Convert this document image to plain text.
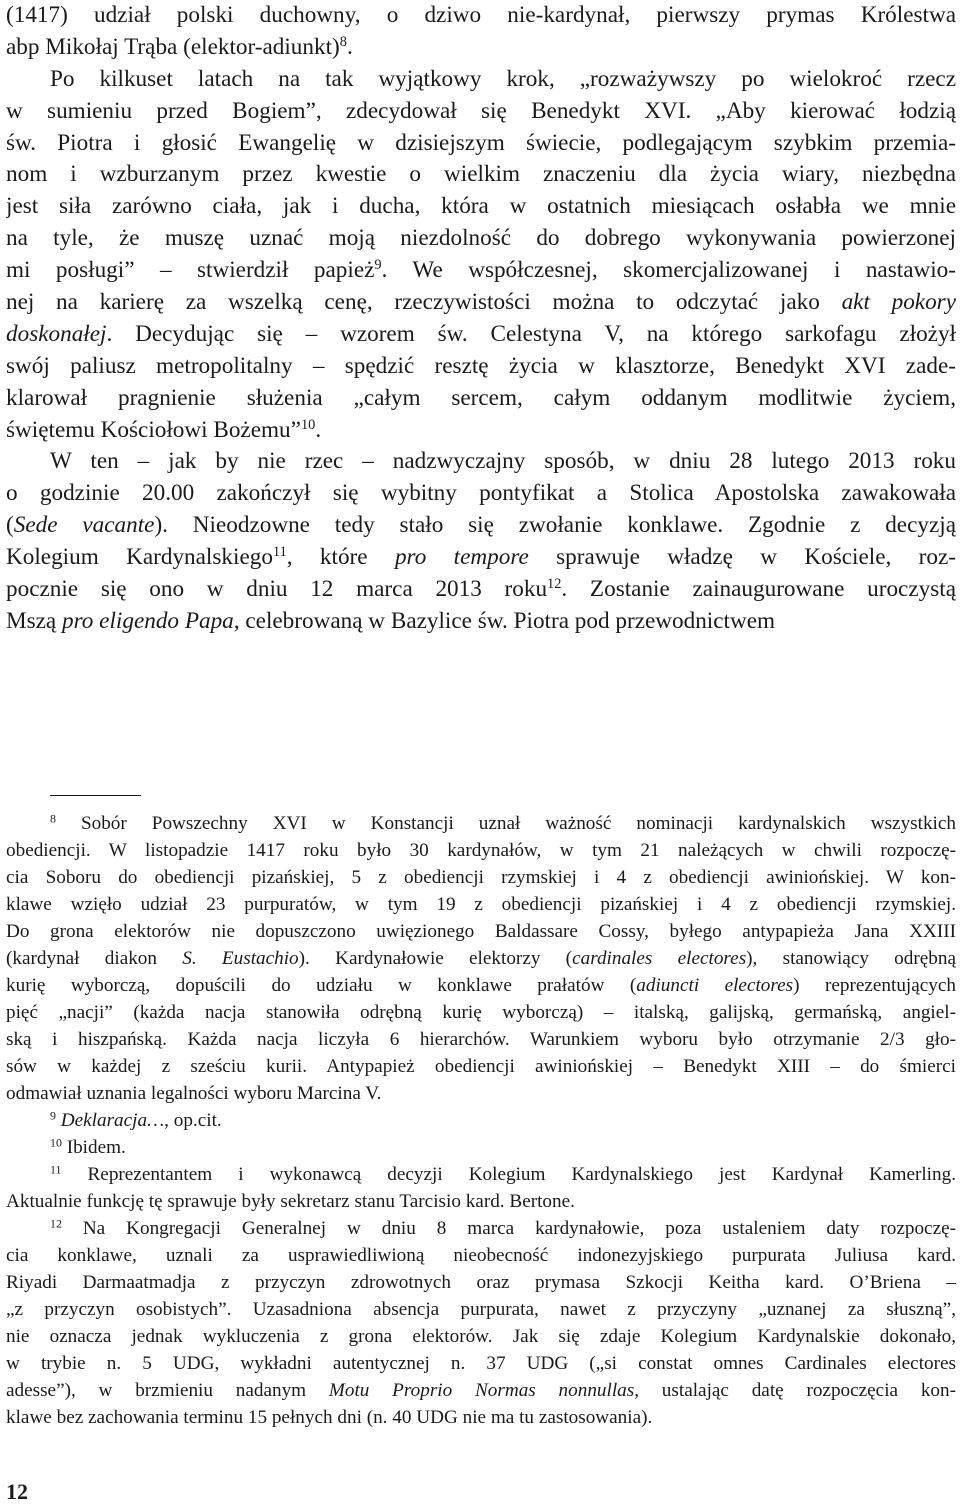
(1417) udział polski duchowny, o dziwo nie-kardynał, pierwszy prymas Królestwa
abp Mikołaj Trąba (elektor-adiunkt)$^8$.
Po kilkuset latach na tak wyjątkowy krok, „rozważywszy po wielokroć rzecz
w sumieniu przed Bogiem”, zdecydował się Benedykt XVI. „Aby kierować łodzią
św. Piotra i głosić Ewangelię w dzisiejszym świecie, podlegającym szybkim przemia-
nom i wzburzanym przez kwestie o wielkim znaczeniu dla życia wiary, niezbędna
jest siła zarówno ciała, jak i ducha, która w ostatnich miesiącach osłabła we mnie
na tyle, że muszę uznać moją niezdolność do dobrego wykonywania powierzonej
mi posługi” – stwierdził papież$^9$. We współczesnej, skomercjalizowanej i nastawio-
nej na karierę za wszelką cenę, rzeczywistości można to odczytać jako akt pokory
doskonałej. Decydując się – wzorem św. Celestyna V, na którego sarkofagu złożył
swój paliusz metropolitalny – spędzić resztę życia w klasztorze, Benedykt XVI zade-
klarował pragnienie służenia „całym sercem, całym oddanym modlitwie życiem,
świętemu Kościołowi Bożemu”$^{10}$.
W ten – jak by nie rzec – nadzwyczajny sposób, w dniu 28 lutego 2013 roku
o godzinie 20.00 zakończył się wybitny pontyfikat a Stolica Apostolska zawakowała
(Sede vacante). Nieodzowne tedy stało się zwołanie konklawe. Zgodnie z decyzją
Kolegium Kardynalskiego$^{11}$, które pro tempore sprawuje władzę w Kościele, roz-
pocznie się ono w dniu 12 marca 2013 roku$^{12}$. Zostanie zainaugurowane uroczystą
Mszą pro eligendo Papa, celebrowaną w Bazylice św. Piotra pod przewodnictwem
$^8$ Sobór Powszechny XVI w Konstancji uznał ważność nominacji kardynalskich wszystkich
obediencji. W listopadzie 1417 roku było 30 kardynałów, w tym 21 należących w chwili rozpoczę-
cia Soboru do obediencji pizańskiej, 5 z obediencji rzymskiej i 4 z obediencji awiniońskiej. W kon-
klawe wzięło udział 23 purpuratów, w tym 19 z obediencji pizańskiej i 4 z obediencji rzymskiej.
Do grona elektorów nie dopuszczono uwięzionego Baldassare Cossy, byłego antypapieża Jana XXIII
(kardynał diakon S. Eustachio). Kardynałowie elektorzy (cardinales electores), stanowiący odrębną
kurię wyborczą, dopuścili do udziału w konklawe prałatów (adiuncti electores) reprezentujących
pięć „nacji” (każda nacja stanowiła odrębną kurię wyborczą) – italską, galijską, germańską, angiel-
ską i hiszpańską. Każda nacja liczyła 6 hierarchów. Warunkiem wyboru było otrzymanie 2/3 gło-
sów w każdej z sześciu kurii. Antypapież obediencji awiniońskiej – Benedykt XIII – do śmierci
odmawiał uznania legalności wyboru Marcina V.
$^9$ Deklaracja…, op.cit.
$^{10}$ Ibidem.
$^{11}$ Reprezentantem i wykonawcą decyzji Kolegium Kardynalskiego jest Kardynał Kamerling.
Aktualnie funkcję tę sprawuje były sekretarz stanu Tarcisio kard. Bertone.
$^{12}$ Na Kongregacji Generalnej w dniu 8 marca kardynałowie, poza ustaleniem daty rozpoczę-
cia konklawe, uznali za usprawiedliwioną nieobecność indonezyjskiego purpurata Juliusa kard.
Riyadi Darmaatmadja z przyczyn zdrowotnych oraz prymasa Szkocji Keitha kard. O’Briena –
„z przyczyn osobistych”. Uzasadniona absencja purpurata, nawet z przyczyny „uznanej za słuszną”,
nie oznacza jednak wykluczenia z grona elektorów. Jak się zdaje Kolegium Kardynalskie dokonało,
w trybie n. 5 UDG, wykładni autentycznej n. 37 UDG („si constat omnes Cardinales electores
adesse”), w brzmieniu nadanym Motu Proprio Normas nonnullas, ustalając datę rozpoczęcia kon-
klawe bez zachowania terminu 15 pełnych dni (n. 40 UDG nie ma tu zastosowania).
12
